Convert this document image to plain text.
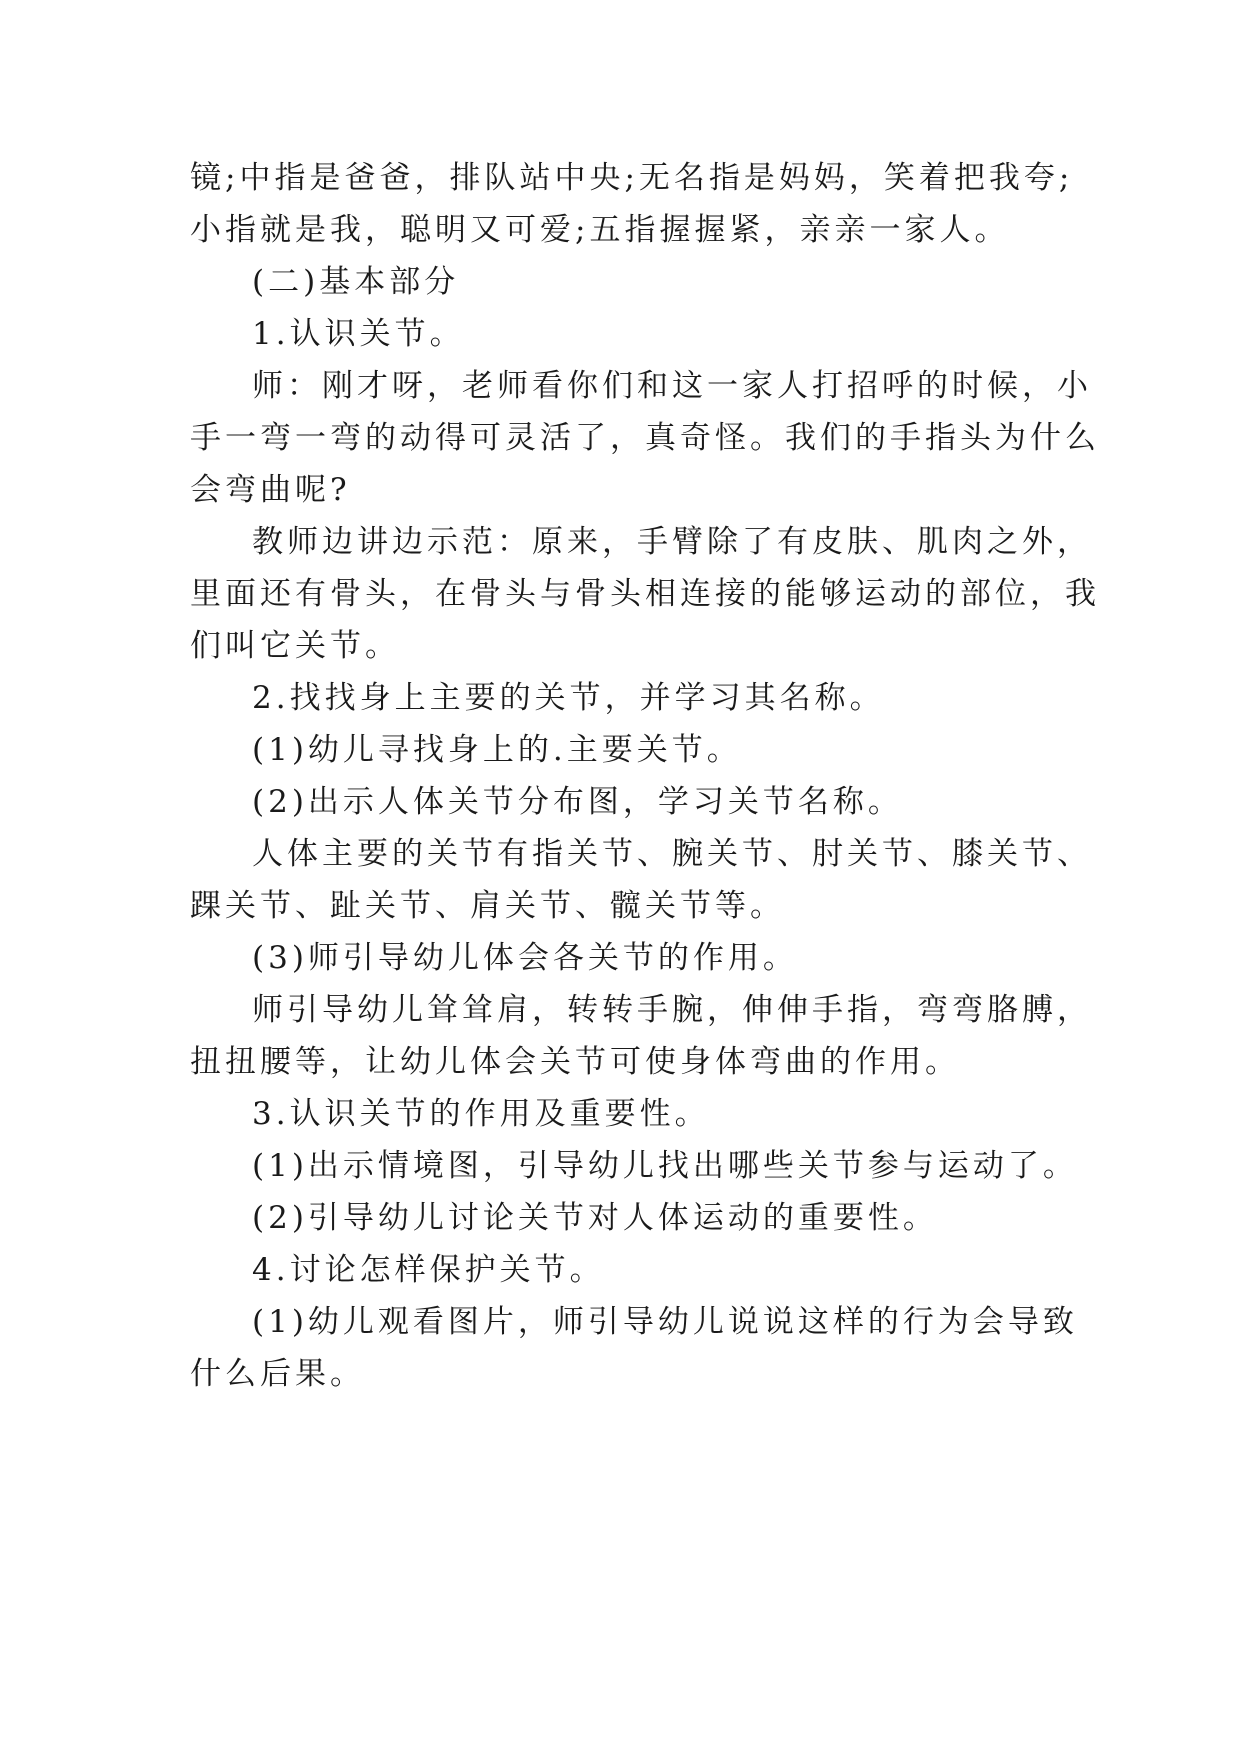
镜;中指是爸爸，排队站中央;无名指是妈妈，笑着把我夸;
小指就是我，聪明又可爱;五指握握紧，亲亲一家人。
(二)基本部分
1.认识关节。
师：刚才呀，老师看你们和这一家人打招呼的时候，小
手一弯一弯的动得可灵活了，真奇怪。我们的手指头为什么
会弯曲呢?
教师边讲边示范：原来，手臂除了有皮肤、肌肉之外，
里面还有骨头，在骨头与骨头相连接的能够运动的部位，我
们叫它关节。
2.找找身上主要的关节，并学习其名称。
(1)幼儿寻找身上的.主要关节。
(2)出示人体关节分布图，学习关节名称。
人体主要的关节有指关节、腕关节、肘关节、膝关节、
踝关节、趾关节、肩关节、髋关节等。
(3)师引导幼儿体会各关节的作用。
师引导幼儿耸耸肩，转转手腕，伸伸手指，弯弯胳膊，
扭扭腰等，让幼儿体会关节可使身体弯曲的作用。
3.认识关节的作用及重要性。
(1)出示情境图，引导幼儿找出哪些关节参与运动了。
(2)引导幼儿讨论关节对人体运动的重要性。
4.讨论怎样保护关节。
(1)幼儿观看图片，师引导幼儿说说这样的行为会导致
什么后果。
